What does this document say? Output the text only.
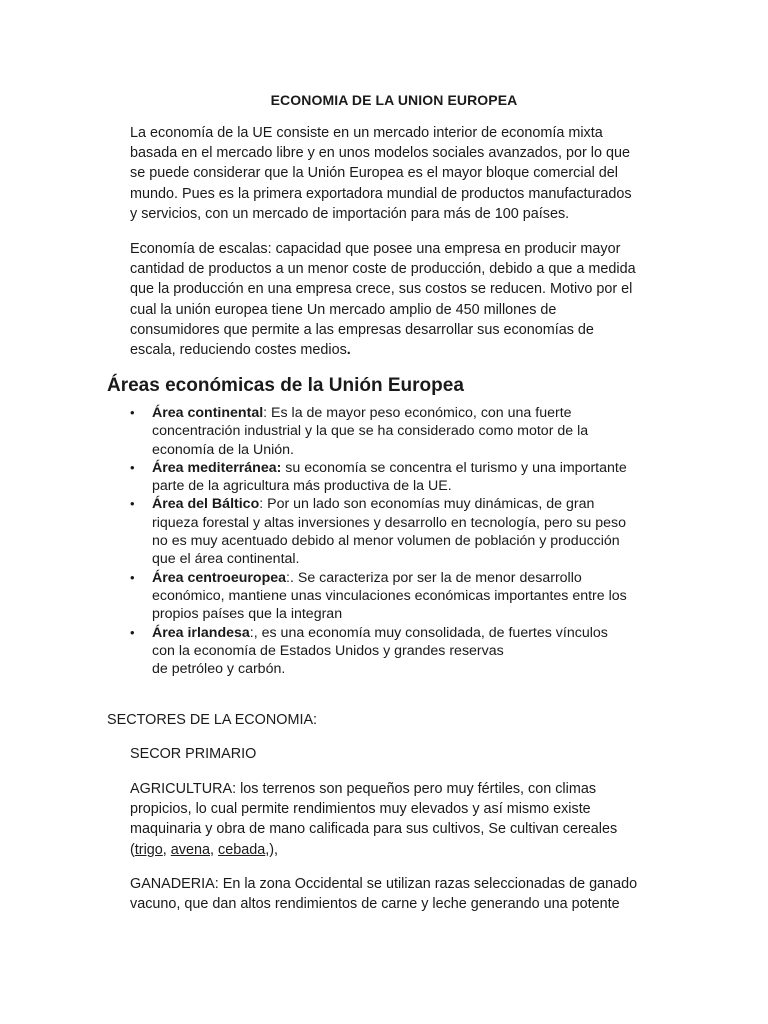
ECONOMIA DE LA UNION EUROPEA

La economía de la UE consiste en un mercado interior de economía mixta
basada en el mercado libre y en unos modelos sociales avanzados, por lo que
se puede considerar que la Unión Europea es el mayor bloque comercial del
mundo. Pues es la primera exportadora mundial de productos manufacturados
y servicios, con un mercado de importación para más de 100 países.

Economía de escalas: capacidad que posee una empresa en producir mayor
cantidad de productos a un menor coste de producción, debido a que a medida
que la producción en una empresa crece, sus costos se reducen. Motivo por el
cual la unión europea tiene Un mercado amplio de 450 millones de
consumidores que permite a las empresas desarrollar sus economías de
escala, reduciendo costes medios.

Áreas económicas de la Unión Europea
• Área continental: Es la de mayor peso económico, con una fuerte
concentración industrial y la que se ha considerado como motor de la
economía de la Unión.
• Área mediterránea: su economía se concentra el turismo y una importante
parte de la agricultura más productiva de la UE.
• Área del Báltico: Por un lado son economías muy dinámicas, de gran
riqueza forestal y altas inversiones y desarrollo en tecnología, pero su peso
no es muy acentuado debido al menor volumen de población y producción
que el área continental.
• Área centroeuropea:. Se caracteriza por ser la de menor desarrollo
económico, mantiene unas vinculaciones económicas importantes entre los
propios países que la integran
• Área irlandesa:, es una economía muy consolidada, de fuertes vínculos
con la economía de Estados Unidos y grandes reservas
de petróleo y carbón.

SECTORES DE LA ECONOMIA:

SECOR PRIMARIO

AGRICULTURA: los terrenos son pequeños pero muy fértiles, con climas
propicios, lo cual permite rendimientos muy elevados y así mismo existe
maquinaria y obra de mano calificada para sus cultivos, Se cultivan cereales
(trigo, avena, cebada,),

GANADERIA: En la zona Occidental se utilizan razas seleccionadas de ganado
vacuno, que dan altos rendimientos de carne y leche generando una potente
